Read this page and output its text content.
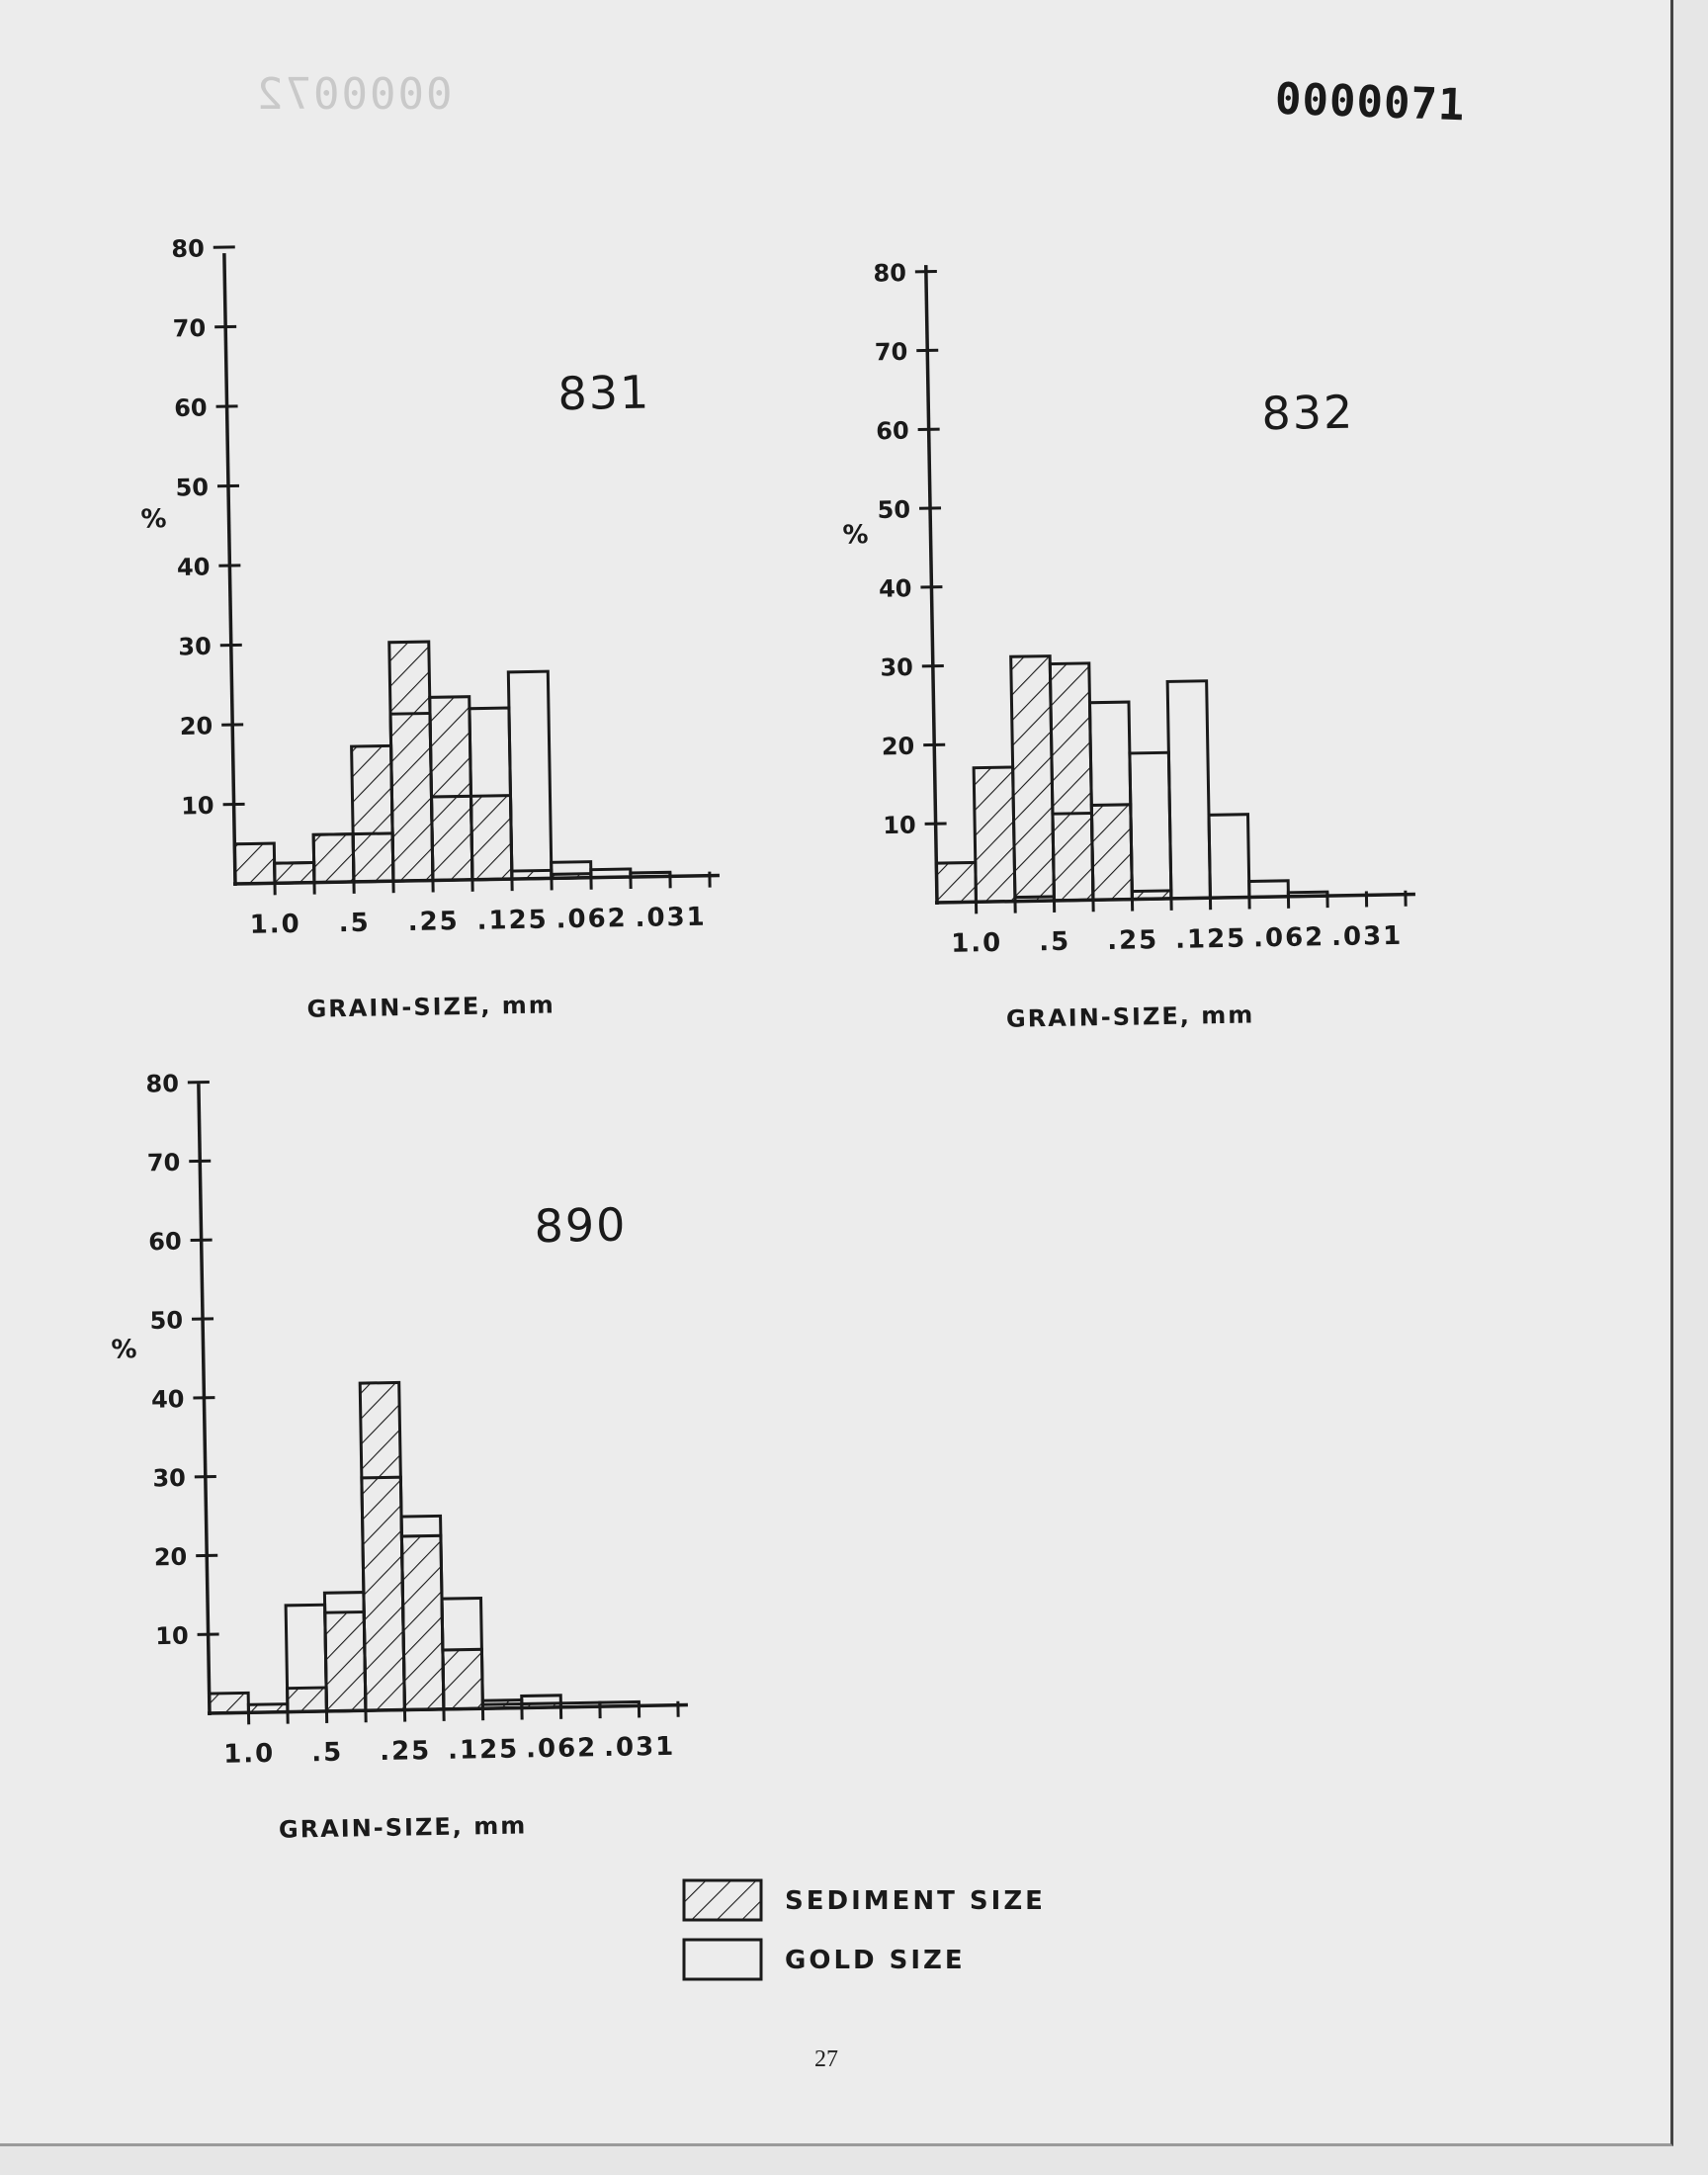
0000072	0000071
10
20
30
40
50
60
70
80
1.0 .5 .25 .125 .062 .031
831
%
GRAIN-SIZE, mm
10
20
30
40
50
60
70
80
1.0 .5 .25 .125 .062 .031
832
%
GRAIN-SIZE, mm
10
20
30
40
50
60
70
80
1.0 .5 .25 .125 .062 .031
890
%
GRAIN-SIZE, mm
SEDIMENT SIZE
GOLD SIZE
27
